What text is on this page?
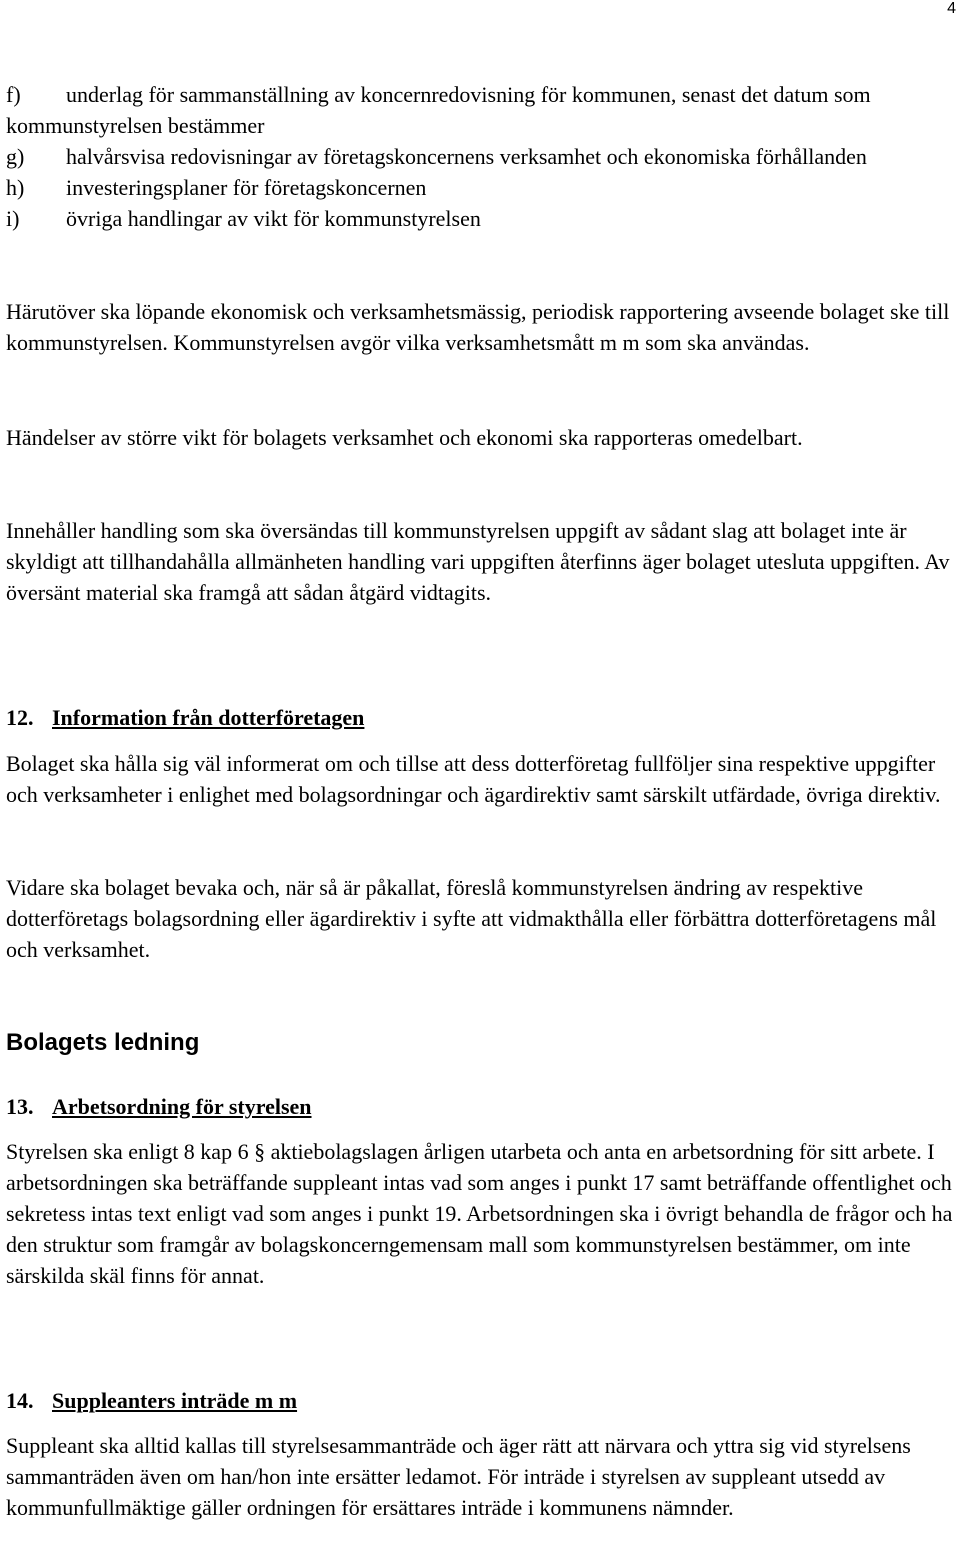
4
f) underlag för sammanställning av koncernredovisning för kommunen, senast det datum som kommunstyrelsen bestämmer
g) halvårsvisa redovisningar av företagskoncernens verksamhet och ekonomiska förhållanden
h) investeringsplaner för företagskoncernen
i) övriga handlingar av vikt för kommunstyrelsen

Härutöver ska löpande ekonomisk och verksamhetsmässig, periodisk rapportering avseende bolaget ske till kommunstyrelsen. Kommunstyrelsen avgör vilka verksamhetsmått m m som ska användas.

Händelser av större vikt för bolagets verksamhet och ekonomi ska rapporteras omedelbart.

Innehåller handling som ska översändas till kommunstyrelsen uppgift av sådant slag att bolaget inte är skyldigt att tillhandahålla allmänheten handling vari uppgiften återfinns äger bolaget utesluta uppgiften. Av översänt material ska framgå att sådan åtgärd vidtagits.

12. Information från dotterföretagen

Bolaget ska hålla sig väl informerat om och tillse att dess dotterföretag fullföljer sina respektive uppgifter och verksamheter i enlighet med bolagsordningar och ägardirektiv samt särskilt utfärdade, övriga direktiv.

Vidare ska bolaget bevaka och, när så är påkallat, föreslå kommunstyrelsen ändring av respektive dotterföretags bolagsordning eller ägardirektiv i syfte att vidmakthålla eller förbättra dotterföretagens mål och verksamhet.

Bolagets ledning
13. Arbetsordning för styrelsen

Styrelsen ska enligt 8 kap 6 § aktiebolagslagen årligen utarbeta och anta en arbetsordning för sitt arbete. I arbetsordningen ska beträffande suppleant intas vad som anges i punkt 17 samt beträffande offentlighet och sekretess intas text enligt vad som anges i punkt 19. Arbetsordningen ska i övrigt behandla de frågor och ha den struktur som framgår av bolagskoncerngemensam mall som kommunstyrelsen bestämmer, om inte särskilda skäl finns för annat.

14. Suppleanters inträde m m

Suppleant ska alltid kallas till styrelsesammanträde och äger rätt att närvara och yttra sig vid styrelsens sammanträden även om han/hon inte ersätter ledamot. För inträde i styrelsen av suppleant utsedd av kommunfullmäktige gäller ordningen för ersättares inträde i kommunens nämnder.
